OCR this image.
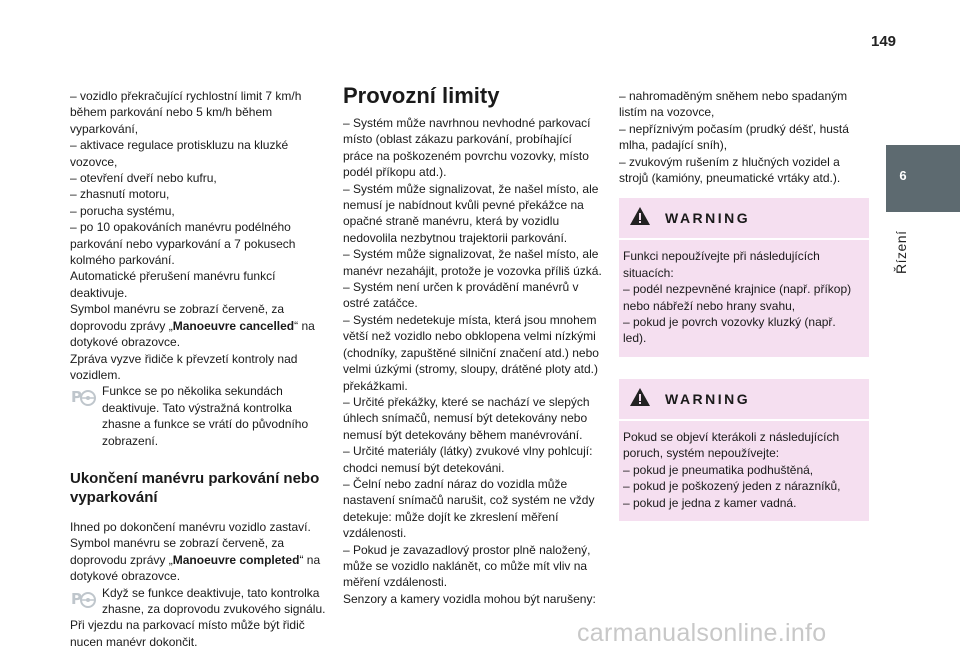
149
6
Řízení

– vozidlo překračující rychlostní limit 7 km/h během parkování nebo 5 km/h během vyparkování,

– aktivace regulace protiskluzu na kluzké vozovce,

– otevření dveří nebo kufru,

– zhasnutí motoru,

– porucha systému,

– po 10 opakováních manévru podélného parkování nebo vyparkování a 7 pokusech kolmého parkování.

Automatické přerušení manévru funkcí deaktivuje.

Symbol manévru se zobrazí červeně, za doprovodu zprávy „Manoeuvre cancelled“ na dotykové obrazovce.

Zpráva vyzve řidiče k převzetí kontroly nad vozidlem.

P	Funkce se po několika sekundách deaktivuje. Tato výstražná kontrolka zhasne a funkce se vrátí do původního zobrazení.

Ukončení manévru parkování nebo vyparkování

Ihned po dokončení manévru vozidlo zastaví.

Symbol manévru se zobrazí červeně, za doprovodu zprávy „Manoeuvre completed“ na dotykové obrazovce.

P	Když se funkce deaktivuje, tato kontrolka zhasne, za doprovodu zvukového signálu.

Při vjezdu na parkovací místo může být řidič nucen manévr dokončit.

Provozní limity

– Systém může navrhnou nevhodné parkovací místo (oblast zákazu parkování, probíhající práce na poškozeném povrchu vozovky, místo podél příkopu atd.).

– Systém může signalizovat, že našel místo, ale nemusí je nabídnout kvůli pevné překážce na opačné straně manévru, která by vozidlu nedovolila nezbytnou trajektorii parkování.

– Systém může signalizovat, že našel místo, ale manévr nezahájit, protože je vozovka příliš úzká.

– Systém není určen k provádění manévrů v ostré zatáčce.

– Systém nedetekuje místa, která jsou mnohem větší než vozidlo nebo obklopena velmi nízkými (chodníky, zapuštěné silniční značení atd.) nebo velmi úzkými (stromy, sloupy, drátěné ploty atd.) překážkami.

– Určité překážky, které se nachází ve slepých úhlech snímačů, nemusí být detekovány nebo nemusí být detekovány během manévrování.

– Určité materiály (látky) zvukové vlny pohlcují: chodci nemusí být detekováni.

– Čelní nebo zadní náraz do vozidla může nastavení snímačů narušit, což systém ne vždy detekuje: může dojít ke zkreslení měření vzdálenosti.

– Pokud je zavazadlový prostor plně naložený, může se vozidlo naklánět, co může mít vliv na měření vzdálenosti.

Senzory a kamery vozidla mohou být narušeny:

– nahromaděným sněhem nebo spadaným listím na vozovce,

– nepříznivým počasím (prudký déšť, hustá mlha, padající sníh),

– zvukovým rušením z hlučných vozidel a strojů (kamióny, pneumatické vrtáky atd.).

WARNING

Funkci nepoužívejte při následujících situacích:

– podél nezpevněné krajnice (např. příkop) nebo nábřeží nebo hrany svahu,

– pokud je povrch vozovky kluzký (např. led).

WARNING

Pokud se objeví kterákoli z následujících poruch, systém nepoužívejte:

– pokud je pneumatika podhuštěná,

– pokud je poškozený jeden z nárazníků,

– pokud je jedna z kamer vadná.

carmanualsonline.info
